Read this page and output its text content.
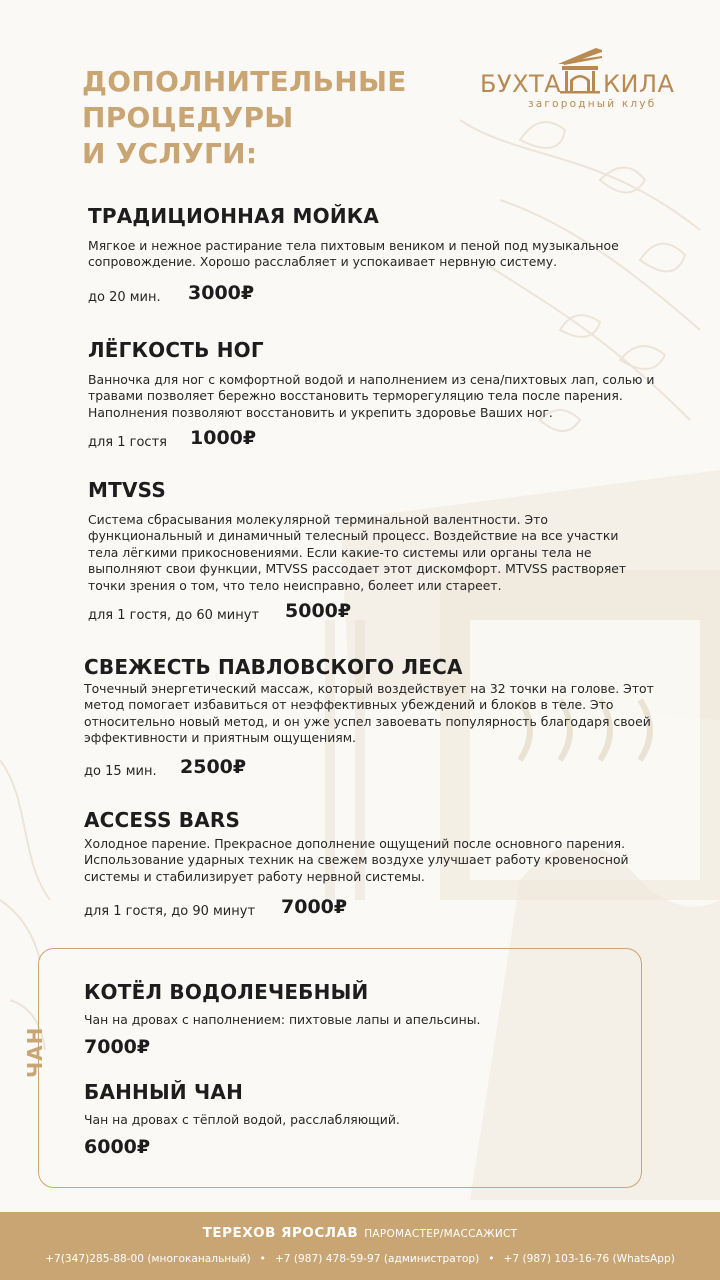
ДОПОЛНИТЕЛЬНЫЕ
ПРОЦЕДУРЫ
И УСЛУГИ:
БУХТА КИЛА
загородный клуб
ТРАДИЦИОННАЯ МОЙКА

Мягкое и нежное растирание тела пихтовым веником и пеной под музыкальное сопровождение. Хорошо расслабляет и успокаивает нервную систему.

до 20 мин. 3000₽
ЛЁГКОСТЬ НОГ

Ванночка для ног с комфортной водой и наполнением из сена/пихтовых лап, солью и травами позволяет бережно восстановить терморегуляцию тела после парения. Наполнения позволяют восстановить и укрепить здоровье Ваших ног.

для 1 гостя 1000₽
MTVSS

Система сбрасывания молекулярной терминальной валентности. Это функциональный и динамичный телесный процесс. Воздействие на все участки тела лёгкими прикосновениями. Если какие-то системы или органы тела не выполняют свои функции, MTVSS рассодает этот дискомфорт. MTVSS растворяет точки зрения о том, что тело неисправно, болеет или стареет.

для 1 гостя, до 60 минут 5000₽
СВЕЖЕСТЬ ПАВЛОВСКОГО ЛЕСА

Точечный энергетический массаж, который воздействует на 32 точки на голове. Этот метод помогает избавиться от неэффективных убеждений и блоков в теле. Это относительно новый метод, и он уже успел завоевать популярность благодаря своей эффективности и приятным ощущениям.

до 15 мин. 2500₽
ACCESS BARS

Холодное парение. Прекрасное дополнение ощущений после основного парения. Использование ударных техник на свежем воздухе улучшает работу кровеносной системы и стабилизирует работу нервной системы.

для 1 гостя, до 90 минут 7000₽
ЧАН
КОТЁЛ ВОДОЛЕЧЕБНЫЙ

Чан на дровах с наполнением: пихтовые лапы и апельсины.

7000₽
БАННЫЙ ЧАН

Чан на дровах с тёплой водой, расслабляющий.

6000₽
ТЕРЕХОВ ЯРОСЛАВ ПАРОМАСТЕР/МАССАЖИСТ
+7(347)285-88-00 (многоканальный) • +7 (987) 478-59-97 (администратор) • +7 (987) 103-16-76 (WhatsApp)
